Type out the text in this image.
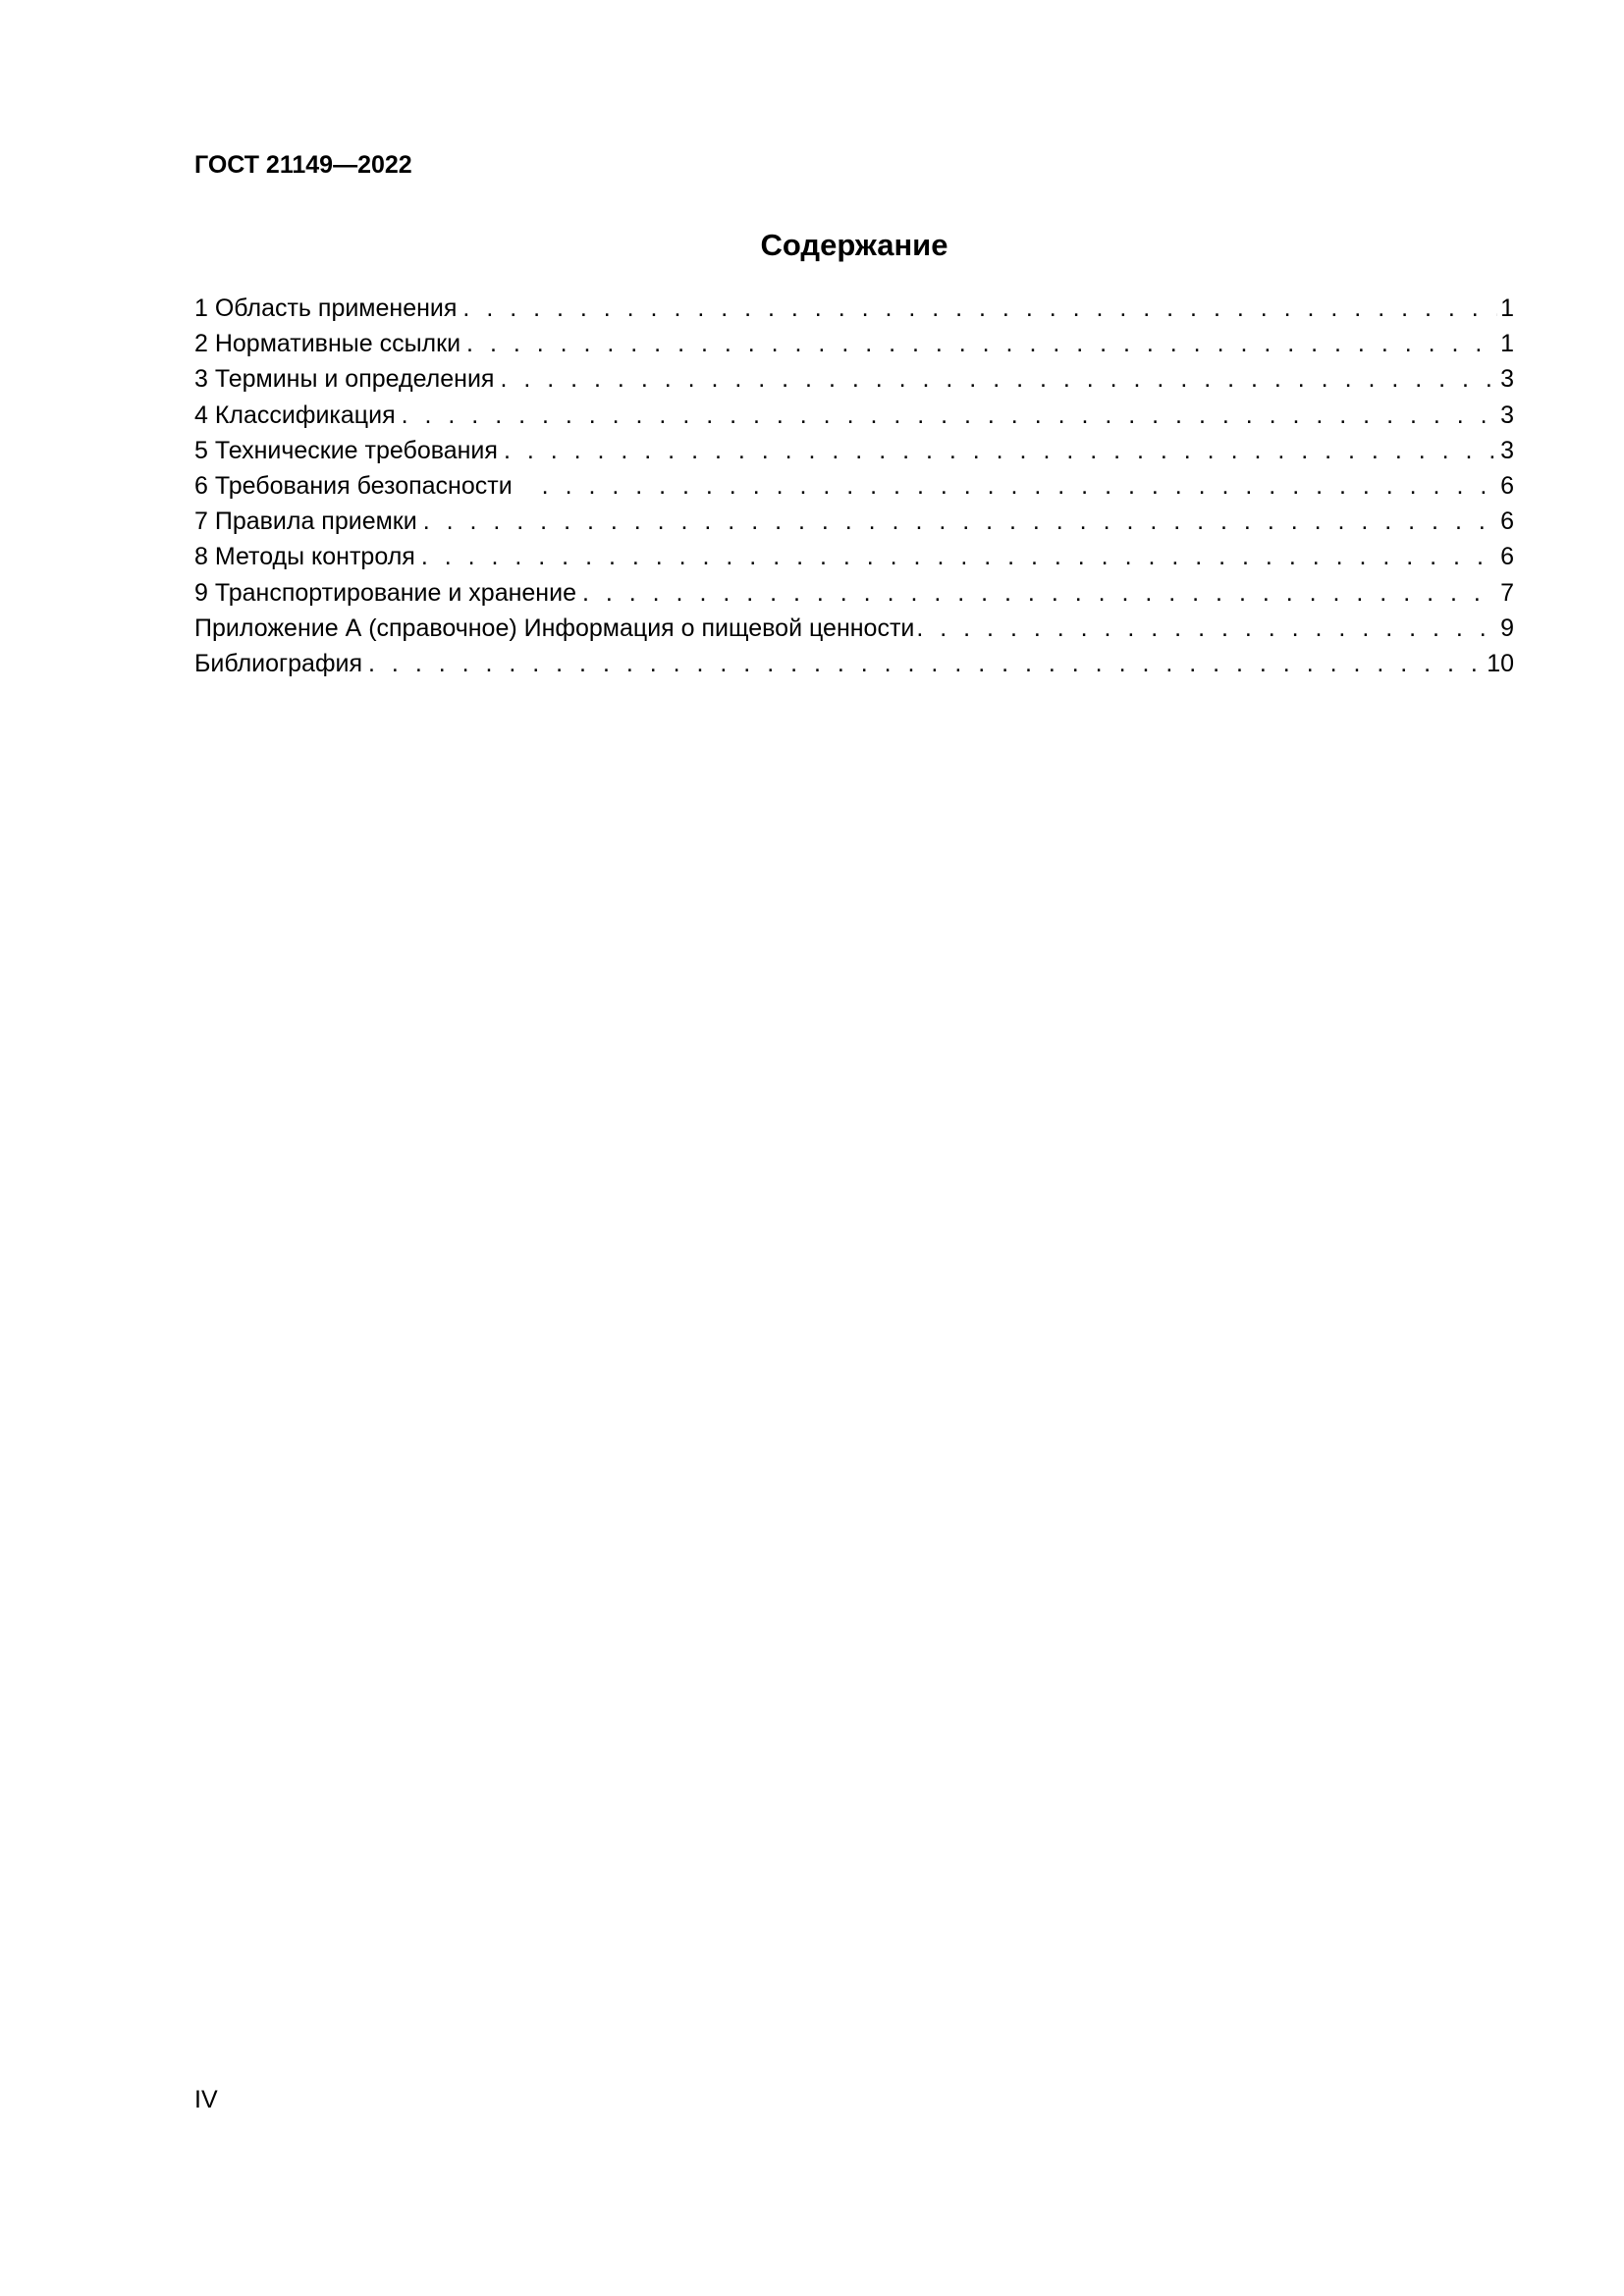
ГОСТ 21149—2022
Содержание
1 Область применения . . .	1
2 Нормативные ссылки . . .	1
3 Термины и определения . . .	3
4 Классификация . . .	3
5 Технические требования . . .	3
6 Требования безопасности . . .	6
7 Правила приемки . . .	6
8 Методы контроля . . .	6
9 Транспортирование и хранение . . .	7
Приложение А (справочное) Информация о пищевой ценности . . .	9
Библиография . . .	10
IV
